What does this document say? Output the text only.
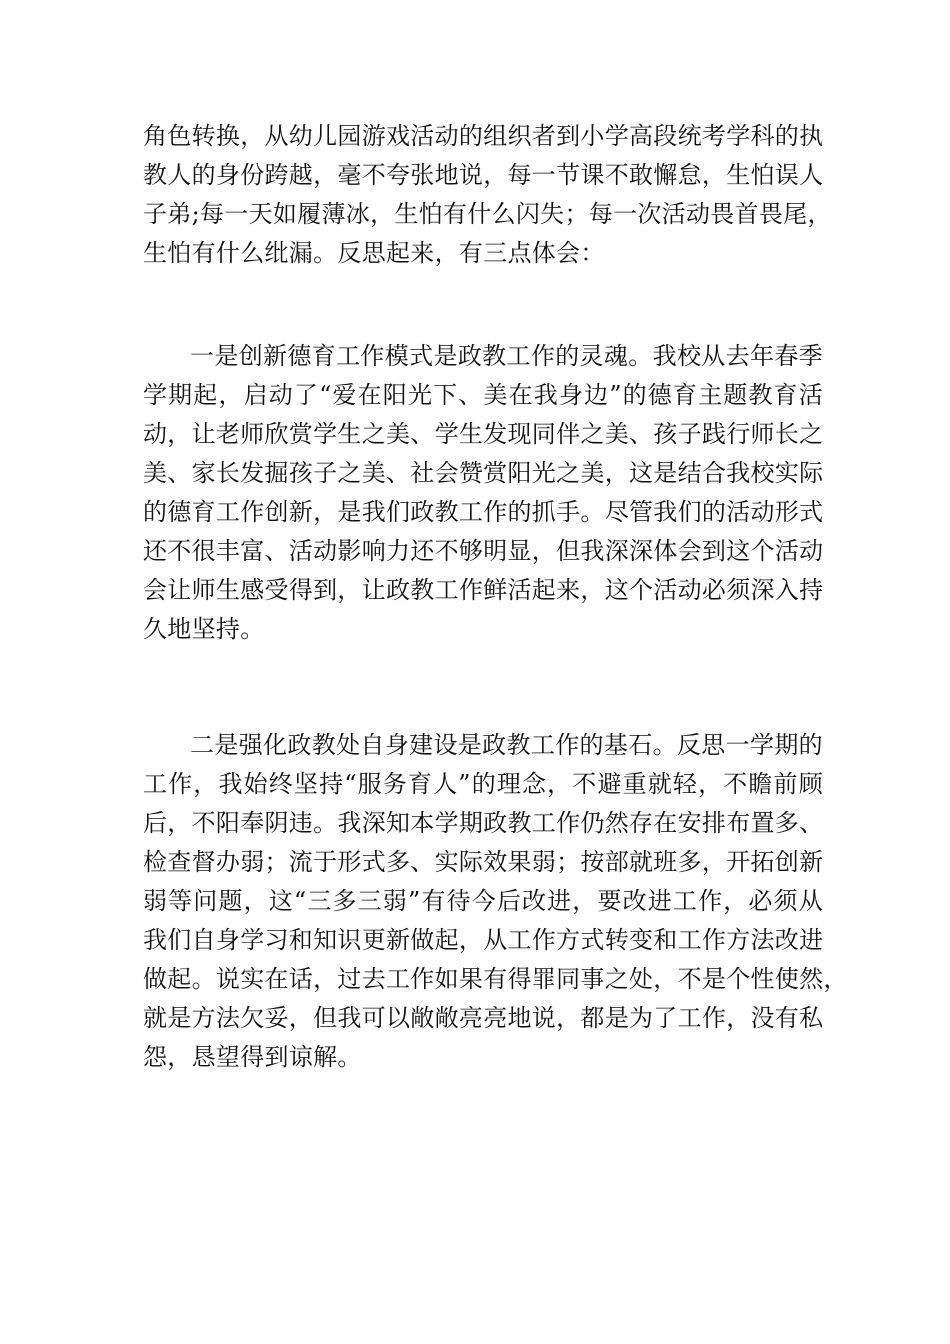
角色转换，从幼儿园游戏活动的组织者到小学高段统考学科的执
教人的身份跨越，毫不夸张地说，每一节课不敢懈怠，生怕误人
子弟;每一天如履薄冰，生怕有什么闪失；每一次活动畏首畏尾，
生怕有什么纰漏。反思起来，有三点体会：
一是创新德育工作模式是政教工作的灵魂。我校从去年春季
学期起，启动了“爱在阳光下、美在我身边”的德育主题教育活
动，让老师欣赏学生之美、学生发现同伴之美、孩子践行师长之
美、家长发掘孩子之美、社会赞赏阳光之美，这是结合我校实际
的德育工作创新，是我们政教工作的抓手。尽管我们的活动形式
还不很丰富、活动影响力还不够明显，但我深深体会到这个活动
会让师生感受得到，让政教工作鲜活起来，这个活动必须深入持
久地坚持。
二是强化政教处自身建设是政教工作的基石。反思一学期的
工作，我始终坚持“服务育人”的理念，不避重就轻，不瞻前顾
后，不阳奉阴违。我深知本学期政教工作仍然存在安排布置多、
检查督办弱；流于形式多、实际效果弱；按部就班多，开拓创新
弱等问题，这“三多三弱”有待今后改进，要改进工作，必须从
我们自身学习和知识更新做起，从工作方式转变和工作方法改进
做起。说实在话，过去工作如果有得罪同事之处，不是个性使然，
就是方法欠妥，但我可以敞敞亮亮地说，都是为了工作，没有私
怨，恳望得到谅解。
